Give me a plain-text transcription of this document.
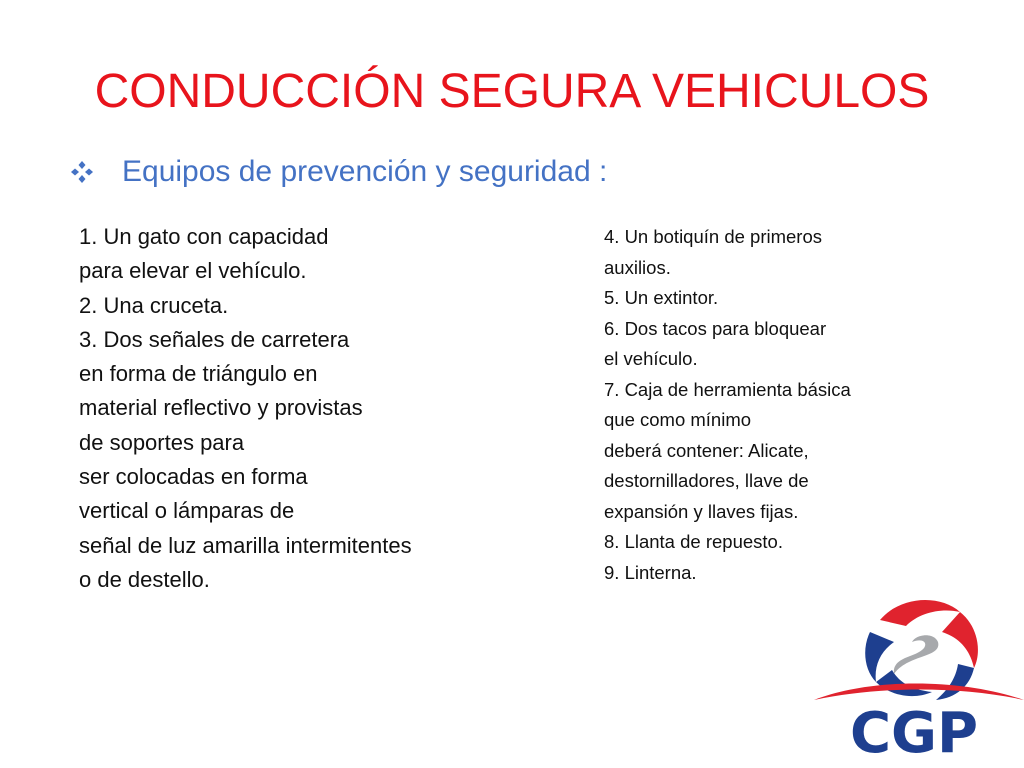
CONDUCCIÓN SEGURA VEHICULOS
Equipos de prevención y seguridad :
1. Un gato con capacidad
para elevar el vehículo.
2. Una cruceta.
3. Dos señales de carretera
en forma de triángulo en
material reflectivo y provistas
de soportes para
ser colocadas en forma
vertical o lámparas de
señal de luz amarilla intermitentes
o de destello.
4. Un botiquín de primeros
auxilios.
5. Un extintor.
6. Dos tacos para bloquear
el vehículo.
7. Caja de herramienta básica
que como mínimo
deberá contener: Alicate,
destornilladores, llave de
expansión y llaves fijas.
8. Llanta de repuesto.
9. Linterna.
CGP
